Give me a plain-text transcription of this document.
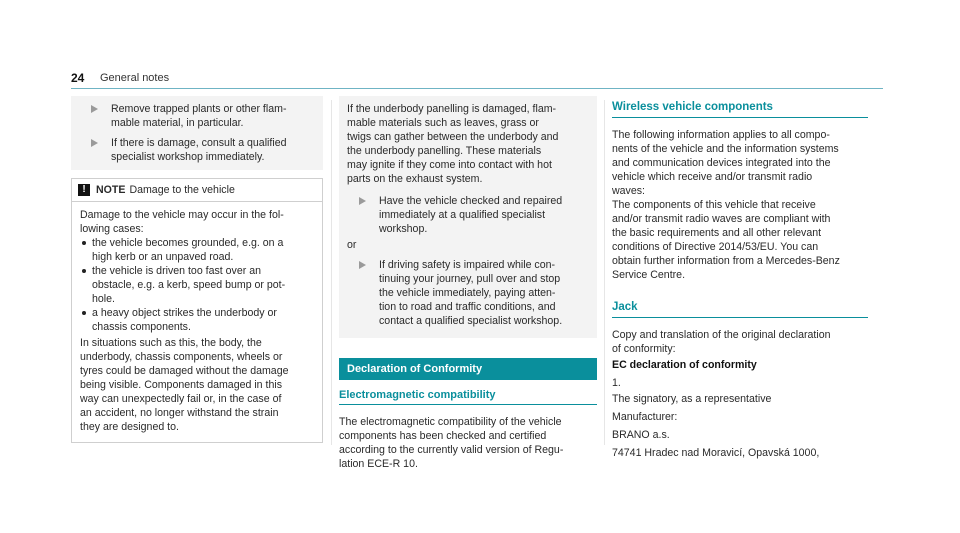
24 General notes

Remove trapped plants or other flam-
mable material, in particular.

If there is damage, consult a qualified
specialist workshop immediately.

! NOTE Damage to the vehicle

Damage to the vehicle may occur in the fol-
lowing cases:

the vehicle becomes grounded, e.g. on a
high kerb or an unpaved road.
the vehicle is driven too fast over an
obstacle, e.g. a kerb, speed bump or pot-
hole.
a heavy object strikes the underbody or
chassis components.

In situations such as this, the body, the
underbody, chassis components, wheels or
tyres could be damaged without the damage
being visible. Components damaged in this
way can unexpectedly fail or, in the case of
an accident, no longer withstand the strain
they are designed to.

If the underbody panelling is damaged, flam-
mable materials such as leaves, grass or
twigs can gather between the underbody and
the underbody panelling. These materials
may ignite if they come into contact with hot
parts on the exhaust system.

Have the vehicle checked and repaired
immediately at a qualified specialist
workshop.

or

If driving safety is impaired while con-
tinuing your journey, pull over and stop
the vehicle immediately, paying atten-
tion to road and traffic conditions, and
contact a qualified specialist workshop.

Declaration of Conformity
Electromagnetic compatibility

The electromagnetic compatibility of the vehicle
components has been checked and certified
according to the currently valid version of Regu-
lation ECE-R 10.

Wireless vehicle components

The following information applies to all compo-
nents of the vehicle and the information systems
and communication devices integrated into the
vehicle which receive and/or transmit radio
waves:

The components of this vehicle that receive
and/or transmit radio waves are compliant with
the basic requirements and all other relevant
conditions of Directive 2014/53/EU. You can
obtain further information from a Mercedes-Benz
Service Centre.

Jack

Copy and translation of the original declaration
of conformity:

EC declaration of conformity

1.

The signatory, as a representative

Manufacturer:

BRANO a.s.

74741 Hradec nad Moravicí, Opavská 1000,
